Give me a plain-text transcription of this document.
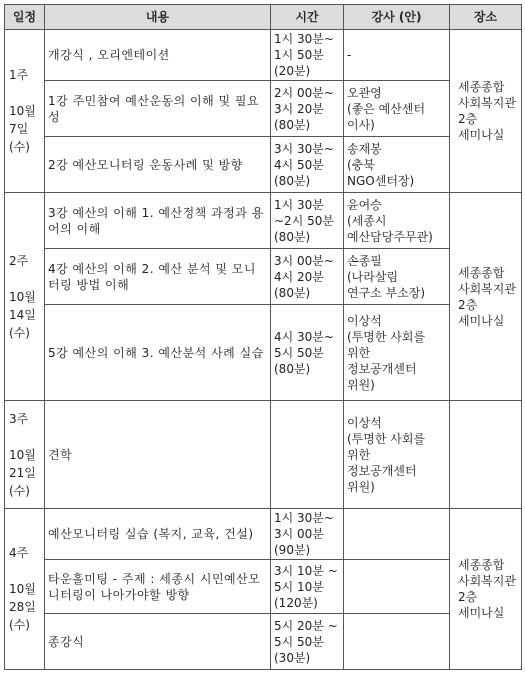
일정	내용	시간	강사 (안)	장소

1주
10월
7일
(수)	개강식 , 오리엔테이션	1시 30분~
1시 50분
(20분)	-	세종종합
사회복지관
2층
세미나실

	1강 주민참여 예산운동의 이해 및 필요성	2시 00분~
3시 20분
(80분)	오관영
(좋은 예산센터
이사)	

	2강 예산모니터링 운동사례 및 방향	3시 30분~
4시 50분
(80분)	송재봉
(충북
NGO센터장)	

2주
10월
14일
(수)	3강 예산의 이해 1. 예산정책 과정과 용어의 이해	1시 30분
~2시 50분
(80분)	윤여승
(세종시
예산담당주무관)	세종종합
사회복지관
2층
세미나실

	4강 예산의 이해 2. 예산 분석 및 모니터링 방법 이해	3시 00분~
4시 20분
(80분)	손종필
(나라살림
연구소 부소장)	

	5강 예산의 이해 3. 예산분석 사례 실습	4시 30분~
5시 50분
(80분)	이상석
(투명한 사회를
위한
정보공개센터
위원)	

3주
10월
21일
(수)	견학		이상석
(투명한 사회를
위한
정보공개센터
위원)	

4주
10월
28일
(수)	예산모니터링 실습 (복지, 교육, 건설)	1시 30분~
3시 00분
(90분)		세종종합
사회복지관
2층
세미나실

	타운홀미팅 - 주제 : 세종시 시민예산모니터링이 나아가야할 방향	3시 10분 ~
5시 10분
(120분)		

	종강식	5시 20분 ~
5시 50분
(30분)		
